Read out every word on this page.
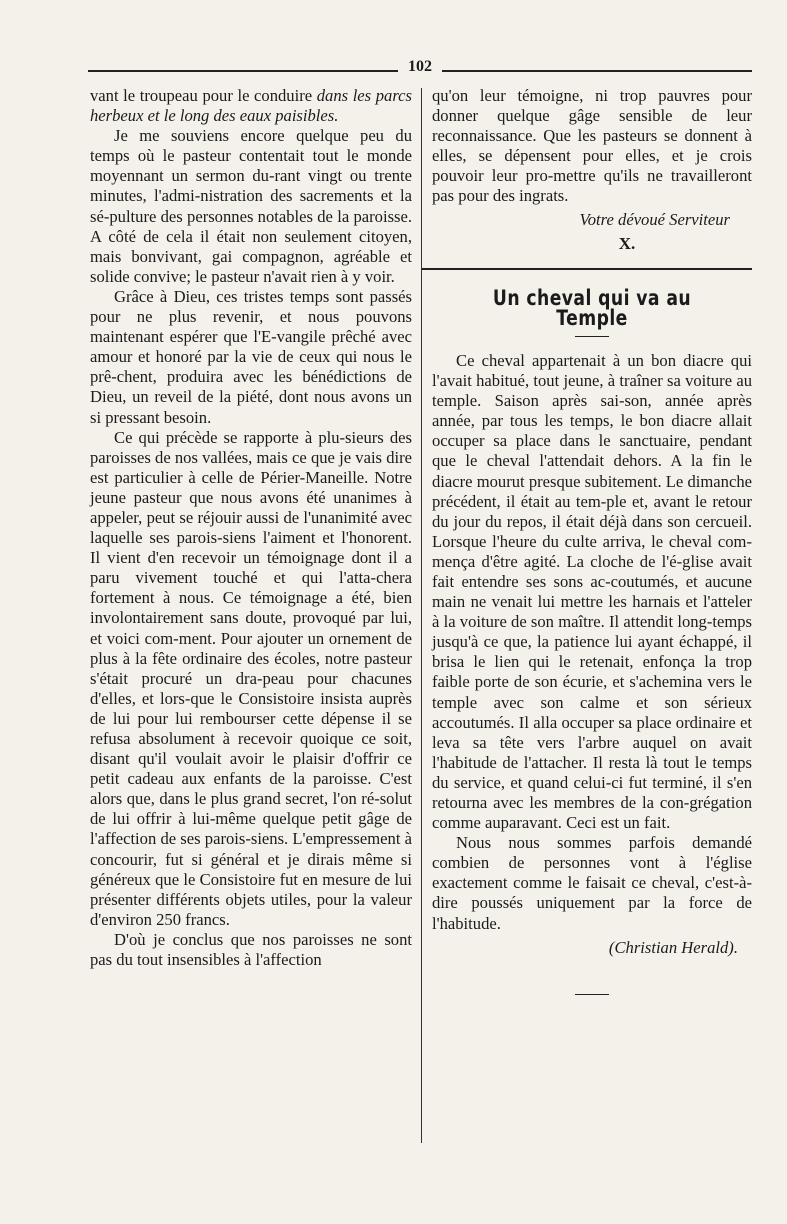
102

vant le troupeau pour le conduire dans les parcs herbeux et le long des eaux paisibles.

Je me souviens encore quelque peu du temps où le pasteur contentait tout le monde moyennant un sermon du-rant vingt ou trente minutes, l'admi-nistration des sacrements et la sé-pulture des personnes notables de la paroisse. A côté de cela il était non seulement citoyen, mais bonvivant, gai compagnon, agréable et solide convive; le pasteur n'avait rien à y voir.

Grâce à Dieu, ces tristes temps sont passés pour ne plus revenir, et nous pouvons maintenant espérer que l'E-vangile prêché avec amour et honoré par la vie de ceux qui nous le prê-chent, produira avec les bénédictions de Dieu, un reveil de la piété, dont nous avons un si pressant besoin.

Ce qui précède se rapporte à plu-sieurs des paroisses de nos vallées, mais ce que je vais dire est particulier à celle de Périer-Maneille. Notre jeune pasteur que nous avons été unanimes à appeler, peut se réjouir aussi de l'unanimité avec laquelle ses parois-siens l'aiment et l'honorent. Il vient d'en recevoir un témoignage dont il a paru vivement touché et qui l'atta-chera fortement à nous. Ce témoignage a été, bien involontairement sans doute, provoqué par lui, et voici com-ment. Pour ajouter un ornement de plus à la fête ordinaire des écoles, notre pasteur s'était procuré un dra-peau pour chacunes d'elles, et lors-que le Consistoire insista auprès de lui pour lui rembourser cette dépense il se refusa absolument à recevoir quoique ce soit, disant qu'il voulait avoir le plaisir d'offrir ce petit cadeau aux enfants de la paroisse. C'est alors que, dans le plus grand secret, l'on ré-solut de lui offrir à lui-même quelque petit gâge de l'affection de ses parois-siens. L'empressement à concourir, fut si général et je dirais même si généreux que le Consistoire fut en mesure de lui présenter différents objets utiles, pour la valeur d'environ 250 francs.

D'où je conclus que nos paroisses ne sont pas du tout insensibles à l'affection

qu'on leur témoigne, ni trop pauvres pour donner quelque gâge sensible de leur reconnaissance. Que les pasteurs se donnent à elles, se dépensent pour elles, et je crois pouvoir leur pro-mettre qu'ils ne travailleront pas pour des ingrats.

Votre dévoué Serviteur
X.
Un cheval qui va au Temple

Ce cheval appartenait à un bon diacre qui l'avait habitué, tout jeune, à traîner sa voiture au temple. Saison après sai-son, année après année, par tous les temps, le bon diacre allait occuper sa place dans le sanctuaire, pendant que le cheval l'attendait dehors. A la fin le diacre mourut presque subitement. Le dimanche précédent, il était au tem-ple et, avant le retour du jour du repos, il était déjà dans son cercueil. Lorsque l'heure du culte arriva, le cheval com-mença d'être agité. La cloche de l'é-glise avait fait entendre ses sons ac-coutumés, et aucune main ne venait lui mettre les harnais et l'atteler à la voiture de son maître. Il attendit long-temps jusqu'à ce que, la patience lui ayant échappé, il brisa le lien qui le retenait, enfonça la trop faible porte de son écurie, et s'achemina vers le temple avec son calme et son sérieux accoutumés. Il alla occuper sa place ordinaire et leva sa tête vers l'arbre auquel on avait l'habitude de l'attacher. Il resta là tout le temps du service, et quand celui-ci fut terminé, il s'en retourna avec les membres de la con-grégation comme auparavant. Ceci est un fait.

Nous nous sommes parfois demandé combien de personnes vont à l'église exactement comme le faisait ce cheval, c'est-à-dire poussés uniquement par la force de l'habitude.

(Christian Herald).
